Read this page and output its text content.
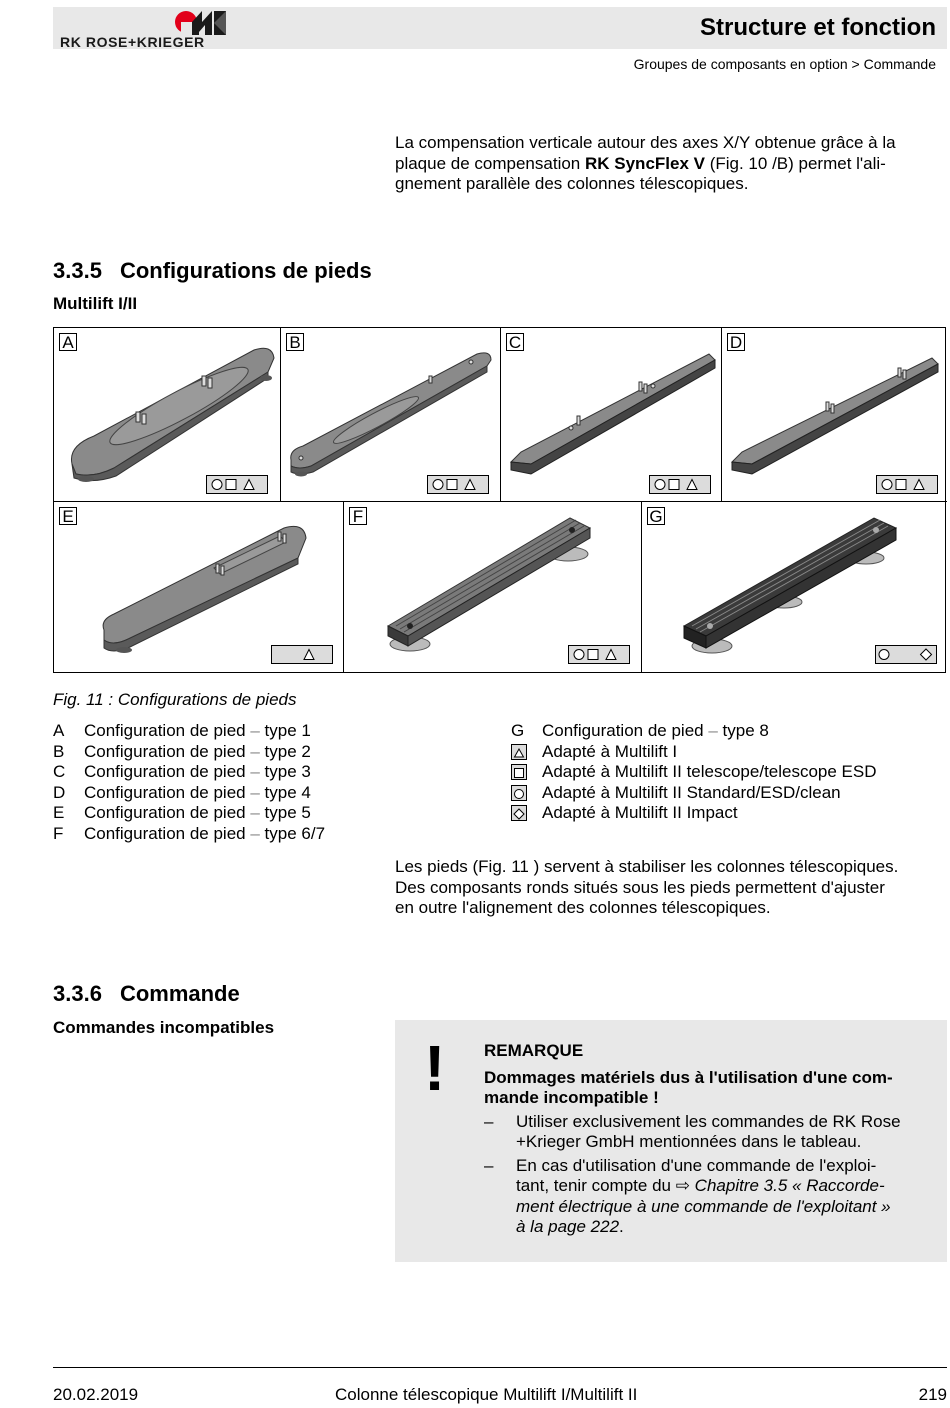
RK ROSE+KRIEGER
Structure et fonction
Groupes de composants en option > Commande
La compensation verticale autour des axes X/Y obtenue grâce à la
plaque de compensation RK SyncFlex V (Fig. 10 /B) permet l'ali-
gnement parallèle des colonnes télescopiques.
3.3.5 Configurations de pieds
Multilift I/II
A	B	C	D
E	F	G
Fig. 11 : Configurations de pieds
A Configuration de pied – type 1
B Configuration de pied – type 2
C Configuration de pied – type 3
D Configuration de pied – type 4
E Configuration de pied – type 5
F Configuration de pied – type 6/7
G Configuration de pied – type 8
Adapté à Multilift I
Adapté à Multilift II telescope/telescope ESD
Adapté à Multilift II Standard/ESD/clean
Adapté à Multilift II Impact
Les pieds (Fig. 11 ) servent à stabiliser les colonnes télescopiques.
Des composants ronds situés sous les pieds permettent d'ajuster
en outre l'alignement des colonnes télescopiques.
3.3.6 Commande
Commandes incompatibles
! REMARQUE
Dommages matériels dus à l'utilisation d'une com-
mande incompatible !
– Utiliser exclusivement les commandes de RK Rose
+Krieger GmbH mentionnées dans le tableau.
– En cas d'utilisation d'une commande de l'exploi-
tant, tenir compte du ⇨ Chapitre 3.5 « Raccorde-
ment électrique à une commande de l'exploitant »
à la page 222.
20.02.2019	Colonne télescopique Multilift I/Multilift II	219
